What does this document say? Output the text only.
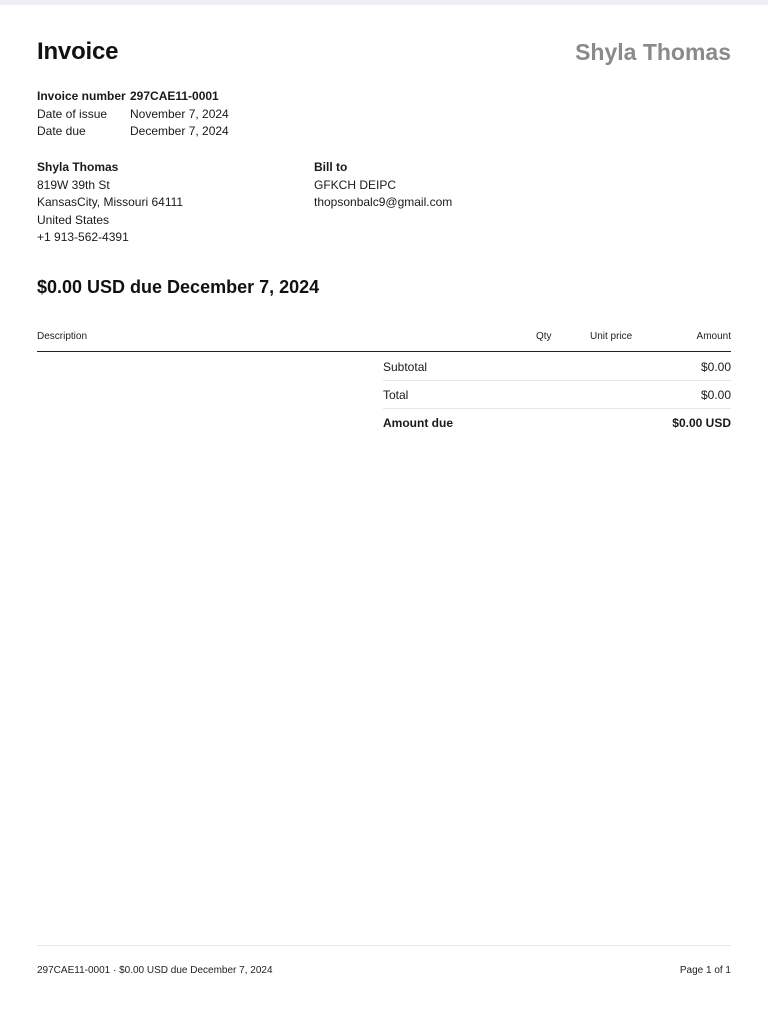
Invoice	Shyla Thomas
Invoice number 297CAE11-0001
Date of issue	November 7, 2024
Date due	December 7, 2024
Shyla Thomas
819W 39th St
KansasCity, Missouri 64111
United States
+1 913-562-4391
Bill to
GFKCH DEIPC
thopsonbalc9@gmail.com
$0.00 USD due December 7, 2024
Description	Qty	Unit price	Amount
Subtotal	$0.00
Total	$0.00
Amount due	$0.00 USD
297CAE11-0001 · $0.00 USD due December 7, 2024	Page 1 of 1
